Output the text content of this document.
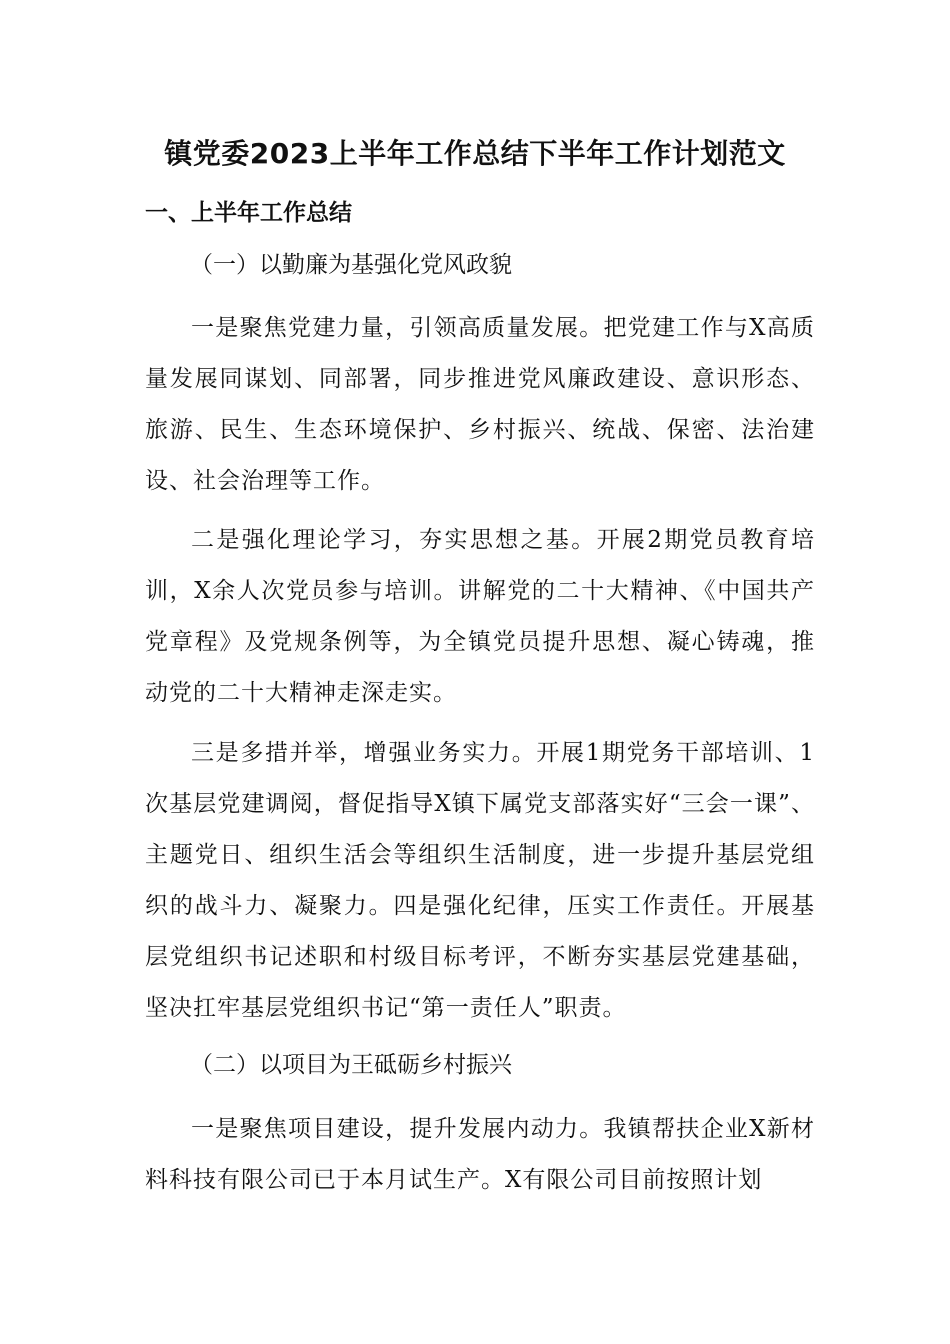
镇党委2023上半年工作总结下半年工作计划范文
一、上半年工作总结
（一）以勤廉为基强化党风政貌
一是聚焦党建力量，引领高质量发展。把党建工作与X高质量发展同谋划、同部署，同步推进党风廉政建设、意识形态、旅游、民生、生态环境保护、乡村振兴、统战、保密、法治建设、社会治理等工作。
二是强化理论学习，夯实思想之基。开展2期党员教育培训，X余人次党员参与培训。讲解党的二十大精神、《中国共产党章程》及党规条例等，为全镇党员提升思想、凝心铸魂，推动党的二十大精神走深走实。
三是多措并举，增强业务实力。开展1期党务干部培训、1次基层党建调阅，督促指导X镇下属党支部落实好“三会一课”、主题党日、组织生活会等组织生活制度，进一步提升基层党组织的战斗力、凝聚力。四是强化纪律，压实工作责任。开展基层党组织书记述职和村级目标考评，不断夯实基层党建基础，坚决扛牢基层党组织书记“第一责任人”职责。
（二）以项目为王砥砺乡村振兴
一是聚焦项目建设，提升发展内动力。我镇帮扶企业X新材料科技有限公司已于本月试生产。X有限公司目前按照计划
